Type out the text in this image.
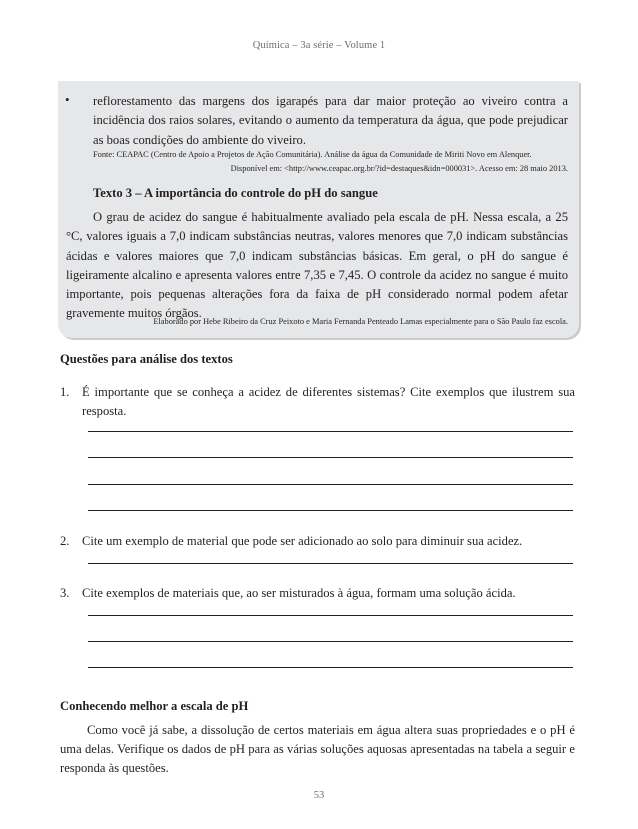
Química – 3a série – Volume 1
• reflorestamento das margens dos igarapés para dar maior proteção ao viveiro contra a incidência dos raios solares, evitando o aumento da temperatura da água, que pode prejudicar as boas condições do ambiente do viveiro.

Fonte: CEAPAC (Centro de Apoio a Projetos de Ação Comunitária). Análise da água da Comunidade de Miriti Novo em Alenquer.
Disponível em: <http://www.ceapac.org.br/?id=destaques&idn=000031>. Acesso em: 28 maio 2013.
Texto 3 – A importância do controle do pH do sangue

O grau de acidez do sangue é habitualmente avaliado pela escala de pH. Nessa escala, a 25 °C, valores iguais a 7,0 indicam substâncias neutras, valores menores que 7,0 indicam substâncias ácidas e valores maiores que 7,0 indicam substâncias básicas. Em geral, o pH do sangue é ligeiramente alcalino e apresenta valores entre 7,35 e 7,45. O controle da acidez no sangue é muito importante, pois pequenas alterações fora da faixa de pH considerado normal podem afetar gravemente muitos órgãos.

Elaborado por Hebe Ribeiro da Cruz Peixoto e Maria Fernanda Penteado Lamas especialmente para o São Paulo faz escola.
Questões para análise dos textos
1. É importante que se conheça a acidez de diferentes sistemas? Cite exemplos que ilustrem sua resposta.
2. Cite um exemplo de material que pode ser adicionado ao solo para diminuir sua acidez.
3. Cite exemplos de materiais que, ao ser misturados à água, formam uma solução ácida.
Conhecendo melhor a escala de pH

Como você já sabe, a dissolução de certos materiais em água altera suas propriedades e o pH é uma delas. Verifique os dados de pH para as várias soluções aquosas apresentadas na tabela a seguir e responda às questões.

53
